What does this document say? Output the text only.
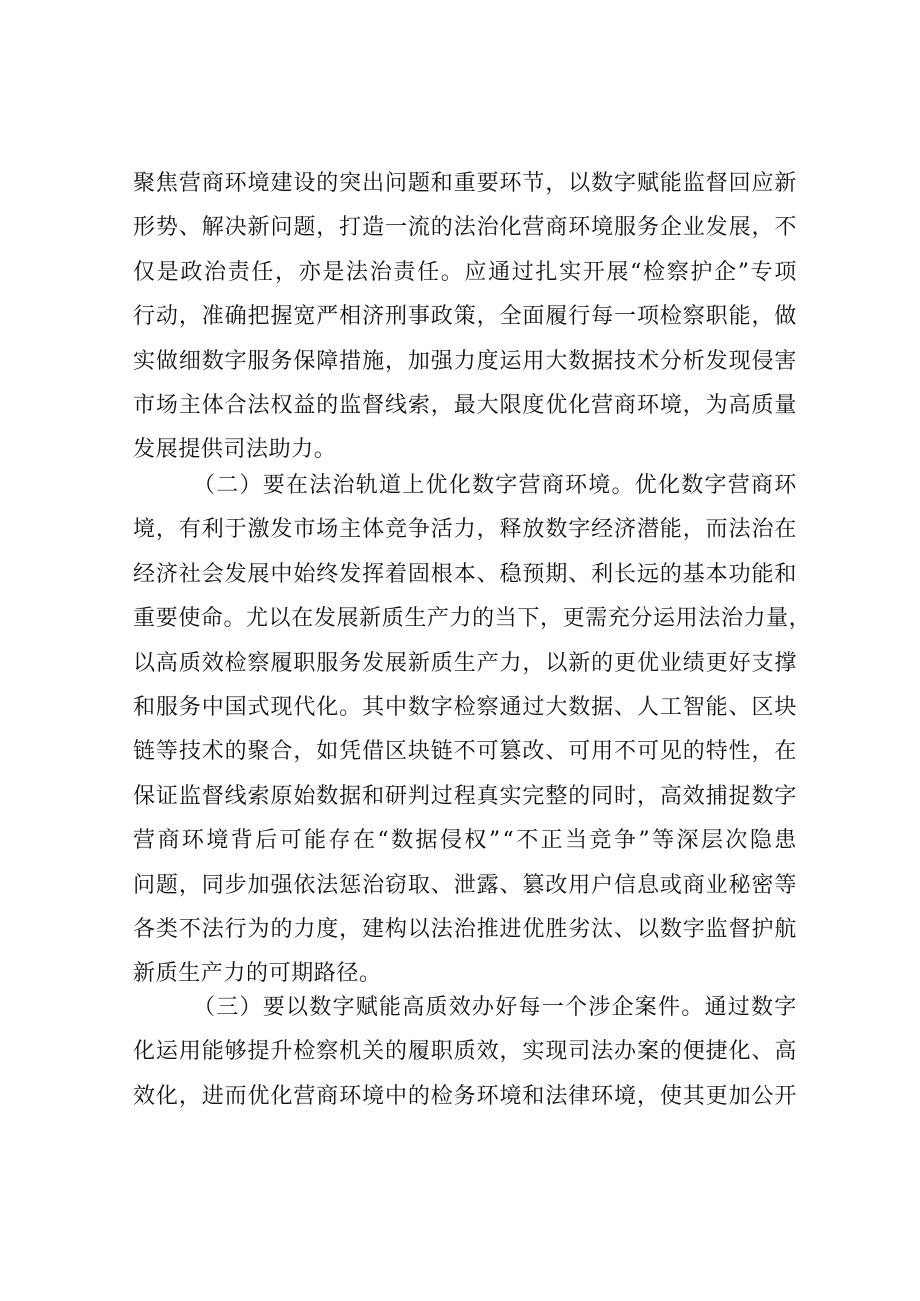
聚 焦 营 商 环 境 建 设 的 突 出 问 题 和 重 要 环 节 ， 以 数 字 赋 能 监 督 回 应 新
形 势 、 解 决 新 问 题 ， 打 造 一 流 的 法 治 化 营 商 环 境 服 务 企 业 发 展 ， 不
仅 是 政 治 责 任 ， 亦 是 法 治 责 任 。 应 通 过 扎 实 开 展 “ 检 察 护 企 ” 专 项
行 动 ， 准 确 把 握 宽 严 相 济 刑 事 政 策 ， 全 面 履 行 每 一 项 检 察 职 能 ， 做
实 做 细 数 字 服 务 保 障 措 施 ， 加 强 力 度 运 用 大 数 据 技 术 分 析 发 现 侵 害
市 场 主 体 合 法 权 益 的 监 督 线 索 ， 最 大 限 度 优 化 营 商 环 境 ， 为 高 质 量
发展提供司法助力。
（ 二 ） 要 在 法 治 轨 道 上 优 化 数 字 营 商 环 境 。 优 化 数 字 营 商 环
境 ， 有 利 于 激 发 市 场 主 体 竞 争 活 力 ， 释 放 数 字 经 济 潜 能 ， 而 法 治 在
经 济 社 会 发 展 中 始 终 发 挥 着 固 根 本 、 稳 预 期 、 利 长 远 的 基 本 功 能 和
重 要 使 命 。 尤 以 在 发 展 新 质 生 产 力 的 当 下 ， 更 需 充 分 运 用 法 治 力 量 ，
以 高 质 效 检 察 履 职 服 务 发 展 新 质 生 产 力 ， 以 新 的 更 优 业 绩 更 好 支 撑
和 服 务 中 国 式 现 代 化 。 其 中 数 字 检 察 通 过 大 数 据 、 人 工 智 能 、 区 块
链 等 技 术 的 聚 合 ， 如 凭 借 区 块 链 不 可 篡 改 、 可 用 不 可 见 的 特 性 ， 在
保 证 监 督 线 索 原 始 数 据 和 研 判 过 程 真 实 完 整 的 同 时 ， 高 效 捕 捉 数 字
营 商 环 境 背 后 可 能 存 在 “ 数 据 侵 权 ” “ 不 正 当 竞 争 ” 等 深 层 次 隐 患
问 题 ， 同 步 加 强 依 法 惩 治 窃 取 、 泄 露 、 篡 改 用 户 信 息 或 商 业 秘 密 等
各 类 不 法 行 为 的 力 度 ， 建 构 以 法 治 推 进 优 胜 劣 汰 、 以 数 字 监 督 护 航
新质生产力的可期路径。
（ 三 ） 要 以 数 字 赋 能 高 质 效 办 好 每 一 个 涉 企 案 件 。 通 过 数 字
化 运 用 能 够 提 升 检 察 机 关 的 履 职 质 效 ， 实 现 司 法 办 案 的 便 捷 化 、 高
效 化 ， 进 而 优 化 营 商 环 境 中 的 检 务 环 境 和 法 律 环 境 ， 使 其 更 加 公 开
